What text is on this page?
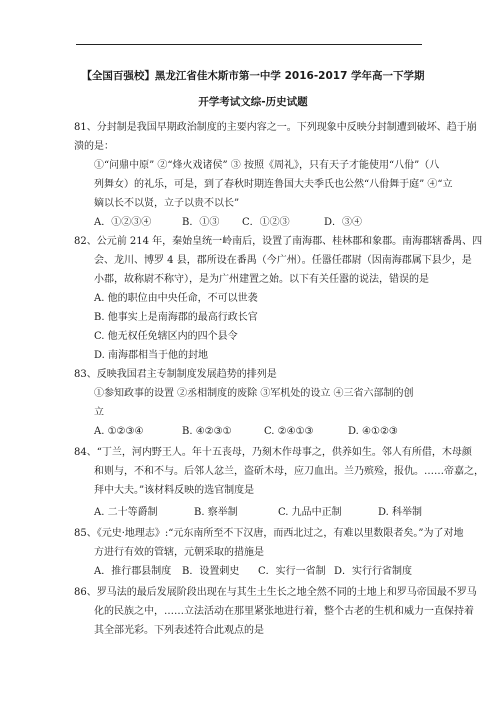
【全国百强校】黑龙江省佳木斯市第一中学 2016-2017 学年高一下学期
开学考试文综-历史试题
81、分封制是我国早期政治制度的主要内容之一。下列现象中反映分封制遭到破坏、趋于崩
溃的是：
①“问鼎中原” ②“烽火戏诸侯” ③ 按照《周礼》，只有天子才能使用“八佾”（八
列舞女）的礼乐，可是，到了春秋时期连鲁国大夫季氏也公然“八佾舞于庭” ④“立
嫡以长不以贤，立子以贵不以长”
A．①②③④	B．①③ C．①②③	D．③④
82、公元前 214 年，秦始皇统一岭南后，设置了南海郡、桂林郡和象郡。南海郡辖番禺、四
会、龙川、博罗 4 县，郡所设在番禺（今广州）。任嚣任郡尉（因南海郡属下县少，是
小郡，故称尉不称守），是为广州建置之始。以下有关任嚣的说法，错误的是
A. 他的职位由中央任命，不可以世袭
B. 他事实上是南海郡的最高行政长官
C. 他无权任免辖区内的四个县令
D. 南海郡相当于他的封地
83、反映我国君主专制制度发展趋势的排列是
①参知政事的设置 ②丞相制度的废除 ③军机处的设立 ④三省六部制的创
立
A. ①②③④	B. ④②③①	C. ②④①③	D. ④①②③
84、“丁兰，河内野王人。年十五丧母，乃刻木作母事之，供养如生。邻人有所借，木母颜
和则与，不和不与。后邻人忿兰，盗斫木母，应刀血出。兰乃殡殓，报仇。……帝嘉之，
拜中大夫。”该材料反映的选官制度是
A. 二十等爵制	B. 察举制	C. 九品中正制	D. 科举制
85、《元史·地理志》:“元东南所至不下汉唐，而西北过之，有难以里数限者矣。”为了对地
方进行有效的管辖，元朝采取的措施是
A．推行郡县制度 B．设置刺史 C．实行一省制 D．实行行省制度
86、罗马法的最后发展阶段出现在与其生土生长之地全然不同的土地上和罗马帝国最不罗马
化的民族之中，……立法活动在那里紧张地进行着，整个古老的生机和威力一直保持着
其全部光彩。下列表述符合此观点的是
